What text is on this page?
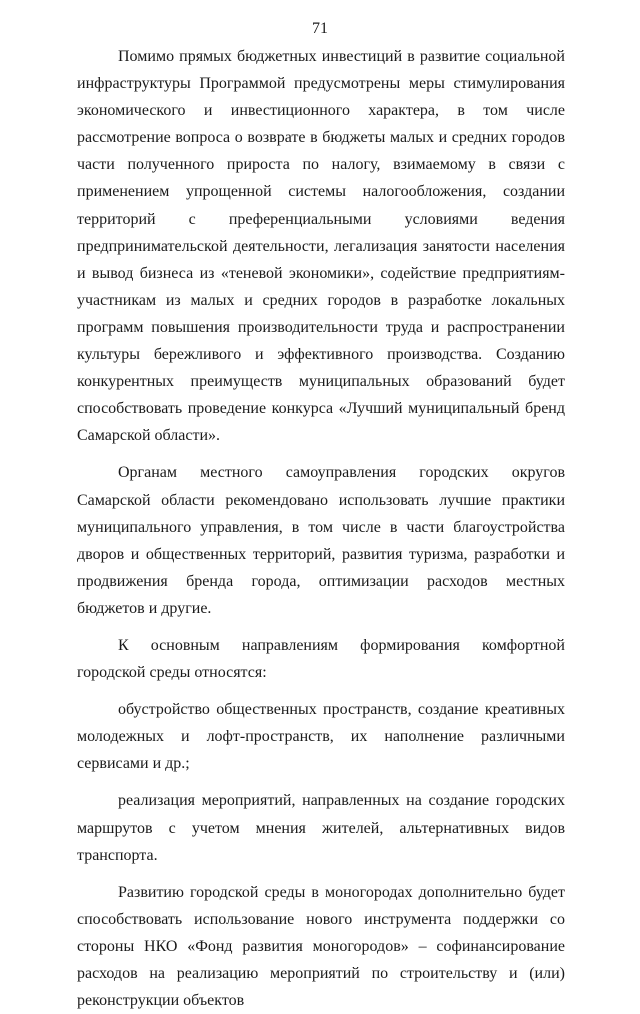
71

Помимо прямых бюджетных инвестиций в развитие социальной инфраструктуры Программой предусмотрены меры стимулирования экономического и инвестиционного характера, в том числе рассмотрение вопроса о возврате в бюджеты малых и средних городов части полученного прироста по налогу, взимаемому в связи с применением упрощенной системы налогообложения, создании территорий с преференциальными условиями ведения предпринимательской деятельности, легализация занятости населения и вывод бизнеса из «теневой экономики», содействие предприятиям-участникам из малых и средних городов в разработке локальных программ повышения производительности труда и распространении культуры бережливого и эффективного производства. Созданию конкурентных преимуществ муниципальных образований будет способствовать проведение конкурса «Лучший муниципальный бренд Самарской области».

Органам местного самоуправления городских округов Самарской области рекомендовано использовать лучшие практики муниципального управления, в том числе в части благоустройства дворов и общественных территорий, развития туризма, разработки и продвижения бренда города, оптимизации расходов местных бюджетов и другие.

К основным направлениям формирования комфортной городской среды относятся:

обустройство общественных пространств, создание креативных молодежных и лофт-пространств, их наполнение различными сервисами и др.;

реализация мероприятий, направленных на создание городских маршрутов с учетом мнения жителей, альтернативных видов транспорта.

Развитию городской среды в моногородах дополнительно будет способствовать использование нового инструмента поддержки со стороны НКО «Фонд развития моногородов» – софинансирование расходов на реализацию мероприятий по строительству и (или) реконструкции объектов
